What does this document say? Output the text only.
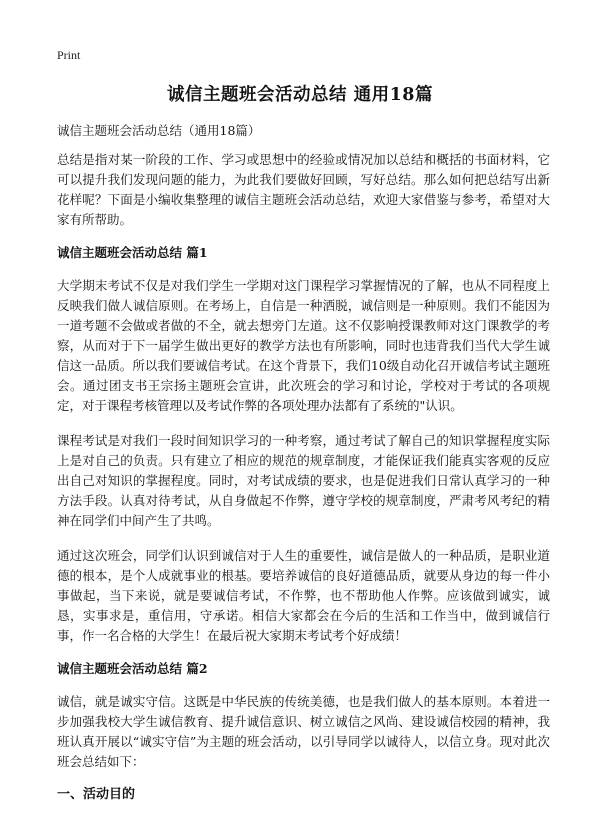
Print
诚信主题班会活动总结 通用18篇

诚信主题班会活动总结（通用18篇）

总结是指对某一阶段的工作、学习或思想中的经验或情况加以总结和概括的书面材料，它可以提升我们发现问题的能力，为此我们要做好回顾，写好总结。那么如何把总结写出新花样呢？下面是小编收集整理的诚信主题班会活动总结，欢迎大家借鉴与参考，希望对大家有所帮助。

诚信主题班会活动总结 篇1

大学期末考试不仅是对我们学生一学期对这门课程学习掌握情况的了解，也从不同程度上反映我们做人诚信原则。在考场上，自信是一种洒脱，诚信则是一种原则。我们不能因为一道考题不会做或者做的不全，就去想旁门左道。这不仅影响授课教师对这门课教学的考察，从而对于下一届学生做出更好的教学方法也有所影响，同时也违背我们当代大学生诚信这一品质。所以我们要诚信考试。在这个背景下，我们10级自动化召开诚信考试主题班会。通过团支书王宗扬主题班会宣讲，此次班会的学习和讨论，学校对于考试的各项规定，对于课程考核管理以及考试作弊的各项处理办法都有了系统的"认识。

课程考试是对我们一段时间知识学习的一种考察，通过考试了解自己的知识掌握程度实际上是对自己的负责。只有建立了相应的规范的规章制度，才能保证我们能真实客观的反应出自己对知识的掌握程度。同时，对考试成绩的要求，也是促进我们日常认真学习的一种方法手段。认真对待考试，从自身做起不作弊，遵守学校的规章制度，严肃考风考纪的精神在同学们中间产生了共鸣。

通过这次班会，同学们认识到诚信对于人生的重要性，诚信是做人的一种品质，是职业道德的根本，是个人成就事业的根基。要培养诚信的良好道德品质，就要从身边的每一件小事做起，当下来说，就是要诚信考试，不作弊，也不帮助他人作弊。应该做到诚实，诚恳，实事求是，重信用，守承诺。相信大家都会在今后的生活和工作当中，做到诚信行事，作一名合格的大学生！在最后祝大家期末考试考个好成绩！

诚信主题班会活动总结 篇2

诚信，就是诚实守信。这既是中华民族的传统美德，也是我们做人的基本原则。本着进一步加强我校大学生诚信教育、提升诚信意识、树立诚信之风尚、建设诚信校园的精神，我班认真开展以“诚实守信”为主题的班会活动，以引导同学以诚待人，以信立身。现对此次班会总结如下：

一、活动目的
